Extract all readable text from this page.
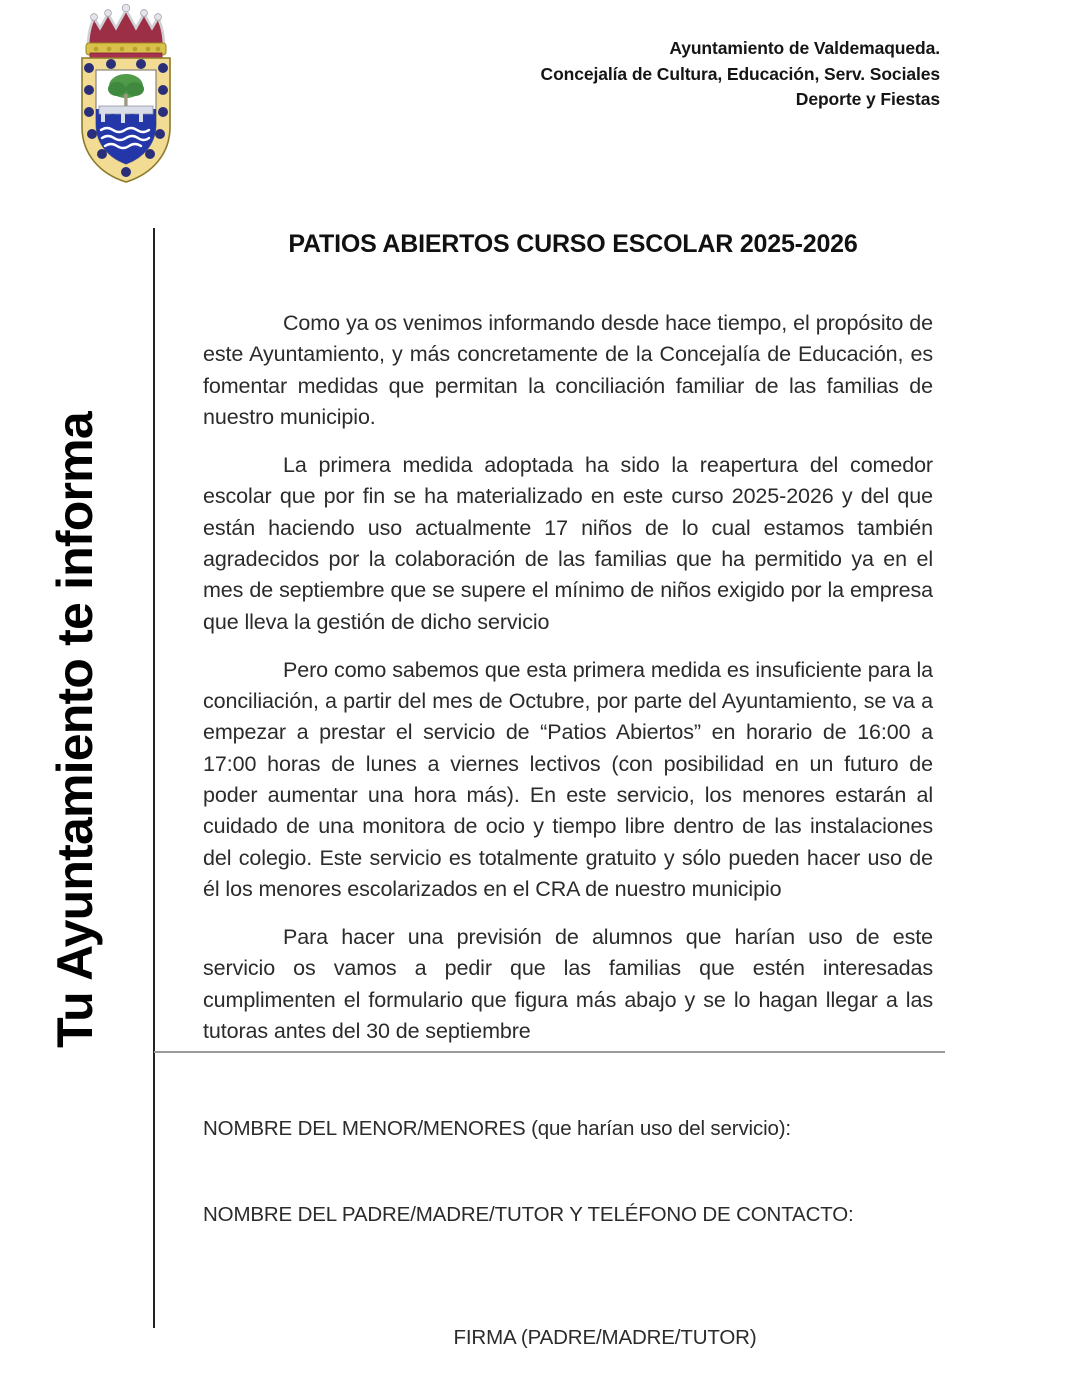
Ayuntamiento de Valdemaqueda.
Concejalía de Cultura, Educación, Serv. Sociales
Deporte y Fiestas
Tu Ayuntamiento te informa
PATIOS ABIERTOS CURSO ESCOLAR 2025-2026

Como ya os venimos informando desde hace tiempo, el propósito de este Ayuntamiento, y más concretamente de la Concejalía de Educación, es fomentar medidas que permitan la conciliación familiar de las familias de nuestro municipio.

La primera medida adoptada ha sido la reapertura del comedor escolar que por fin se ha materializado en este curso 2025-2026 y del que están haciendo uso actualmente 17 niños de lo cual estamos también agradecidos por la colaboración de las familias que ha permitido ya en el mes de septiembre que se supere el mínimo de niños exigido por la empresa que lleva la gestión de dicho servicio

Pero como sabemos que esta primera medida es insuficiente para la conciliación, a partir del mes de Octubre, por parte del Ayuntamiento, se va a empezar a prestar el servicio de “Patios Abiertos” en horario de 16:00 a 17:00 horas de lunes a viernes lectivos (con posibilidad en un futuro de poder aumentar una hora más). En este servicio, los menores estarán al cuidado de una monitora de ocio y tiempo libre dentro de las instalaciones del colegio. Este servicio es totalmente gratuito y sólo pueden hacer uso de él los menores escolarizados en el CRA de nuestro municipio

Para hacer una previsión de alumnos que harían uso de este servicio os vamos a pedir que las familias que estén interesadas cumplimenten el formulario que figura más abajo y se lo hagan llegar a las tutoras antes del 30 de septiembre

NOMBRE DEL MENOR/MENORES (que harían uso del servicio):
NOMBRE DEL PADRE/MADRE/TUTOR Y TELÉFONO DE CONTACTO:
FIRMA (PADRE/MADRE/TUTOR)
